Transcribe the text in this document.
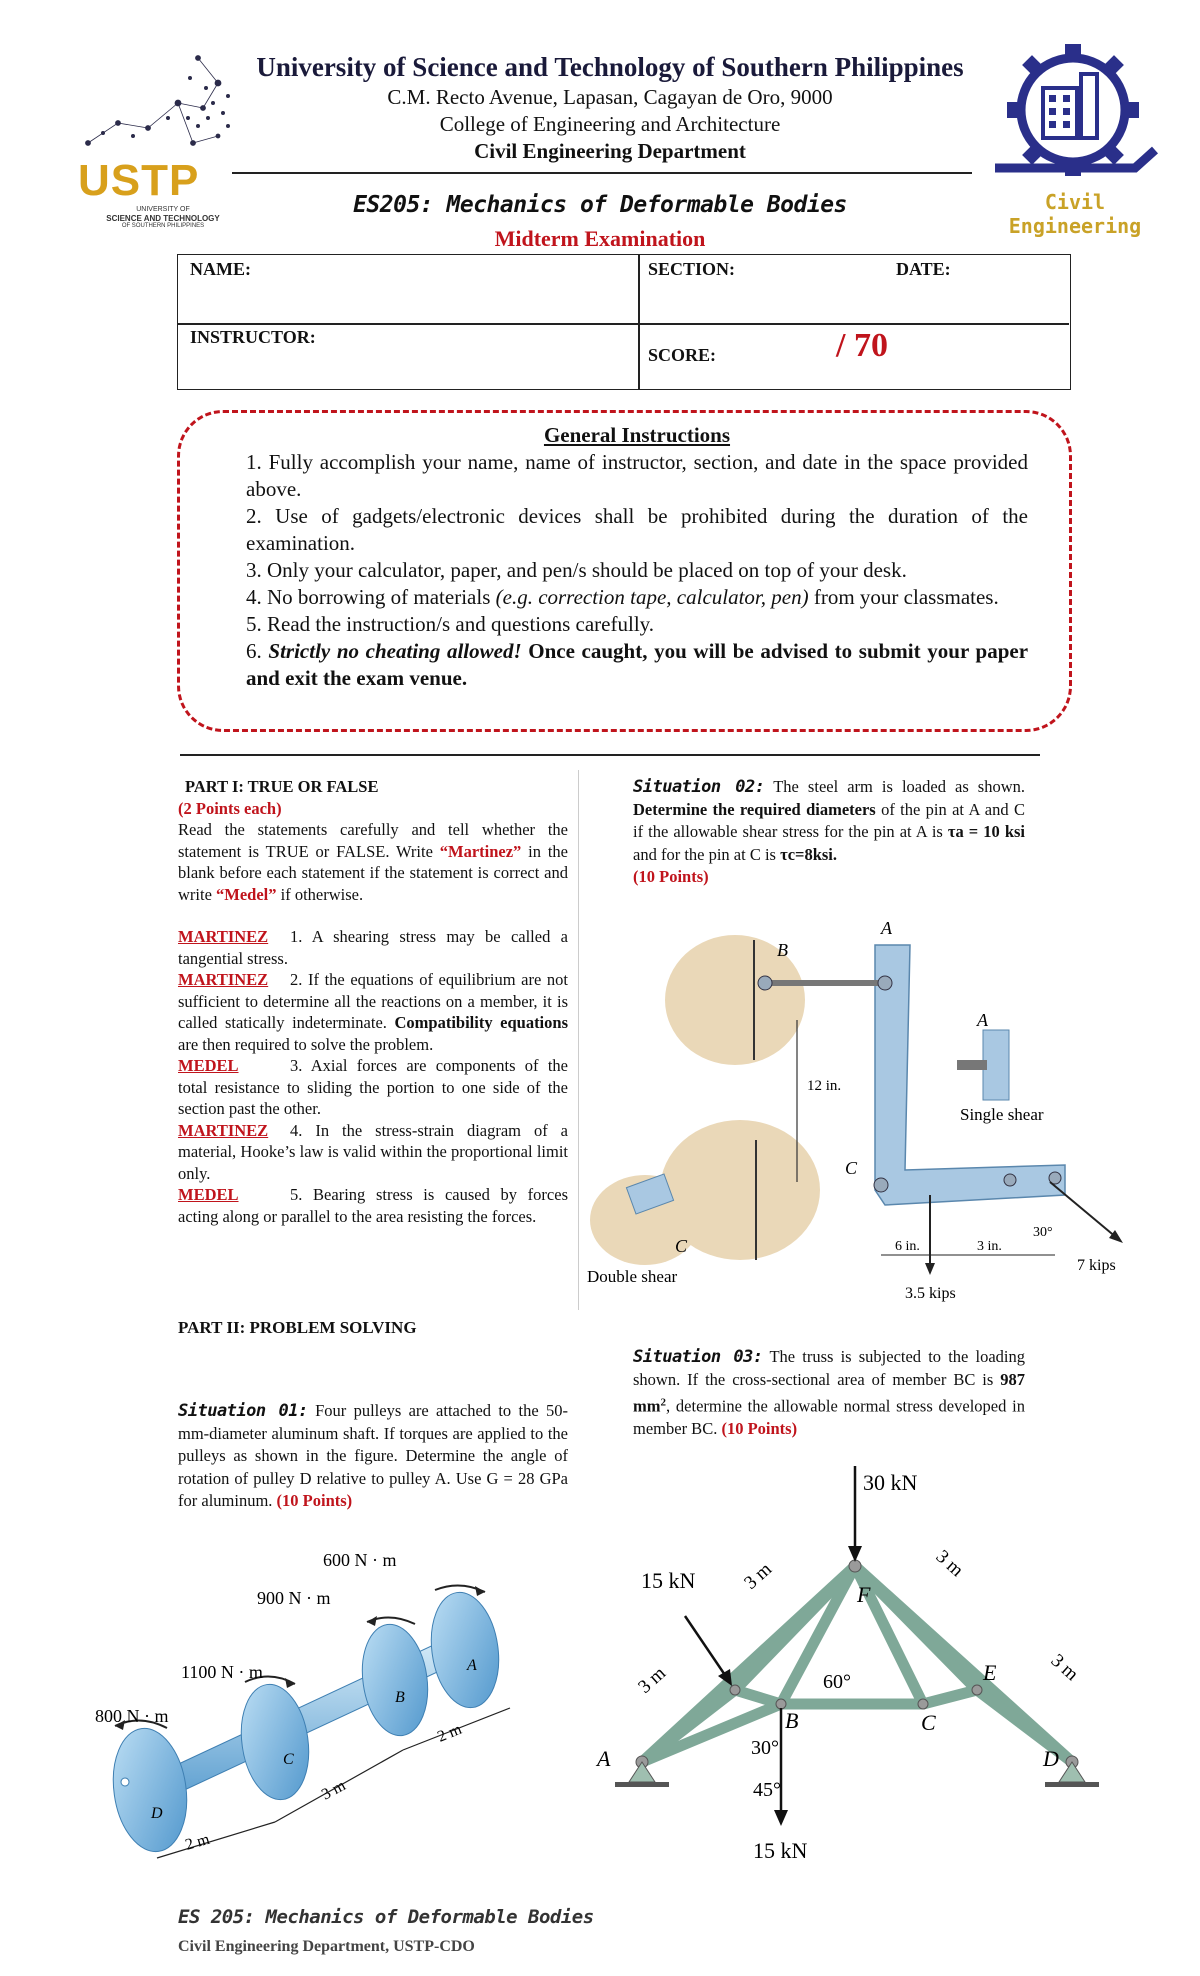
USTP
UNIVERSITY OF
SCIENCE AND TECHNOLOGY
OF SOUTHERN PHILIPPINES
University of Science and Technology of Southern Philippines
C.M. Recto Avenue, Lapasan, Cagayan de Oro, 9000
College of Engineering and Architecture
Civil Engineering Department
Civil Engineering
ES205: Mechanics of Deformable Bodies
Midterm Examination
NAME:	SECTION:	DATE:
INSTRUCTOR:
SCORE:	/ 70
General Instructions
1. Fully accomplish your name, name of instructor, section, and date in the space provided above.
2. Use of gadgets/electronic devices shall be prohibited during the duration of the examination.
3. Only your calculator, paper, and pen/s should be placed on top of your desk.
4. No borrowing of materials (e.g. correction tape, calculator, pen) from your classmates.
5. Read the instruction/s and questions carefully.
6. Strictly no cheating allowed! Once caught, you will be advised to submit your paper and exit the exam venue.
PART I: TRUE OR FALSE
(2 Points each)
Read the statements carefully and tell whether the statement is TRUE or FALSE. Write “Martinez” in the blank before each statement if the statement is correct and write “Medel” if otherwise.
MARTINEZ 1. A shearing stress may be called a tangential stress.
MARTINEZ 2. If the equations of equilibrium are not sufficient to determine all the reactions on a member, it is called statically indeterminate. Compatibility equations are then required to solve the problem.
MEDEL	3. Axial forces are components of the total resistance to sliding the portion to one side of the section past the other.
MARTINEZ 4. In the stress-strain diagram of a material, Hooke’s law is valid within the proportional limit only.
MEDEL	5. Bearing stress is caused by forces acting along or parallel to the area resisting the forces.
PART II: PROBLEM SOLVING
Situation 01: Four pulleys are attached to the 50-mm-diameter aluminum shaft. If torques are applied to the pulleys as shown in the figure. Determine the angle of rotation of pulley D relative to pulley A. Use G = 28 GPa for aluminum. (10 Points)
600 N · m
900 N · m
1100 N · m
800 N · m
A
B
C
D
2 m
3 m
2 m
Situation 02: The steel arm is loaded as shown. Determine the required diameters of the pin at A and C if the allowable shear stress for the pin at A is τa = 10 ksi and for the pin at C is τc=8ksi.
(10 Points)
12 in.
B
A
C
A
Single shear
C
Double shear
6 in.	3 in.
30°
7 kips
3.5 kips
Situation 03: The truss is subjected to the loading shown. If the cross-sectional area of member BC is 987 $mm^2$, determine the allowable normal stress developed in member BC. (10 Points)
30 kN
15 kN
15 kN
3 m
3 m
3 m
3 m
A
B	C
D
E
F
60°
30°
45°
ES 205: Mechanics of Deformable Bodies
Civil Engineering Department, USTP-CDO
